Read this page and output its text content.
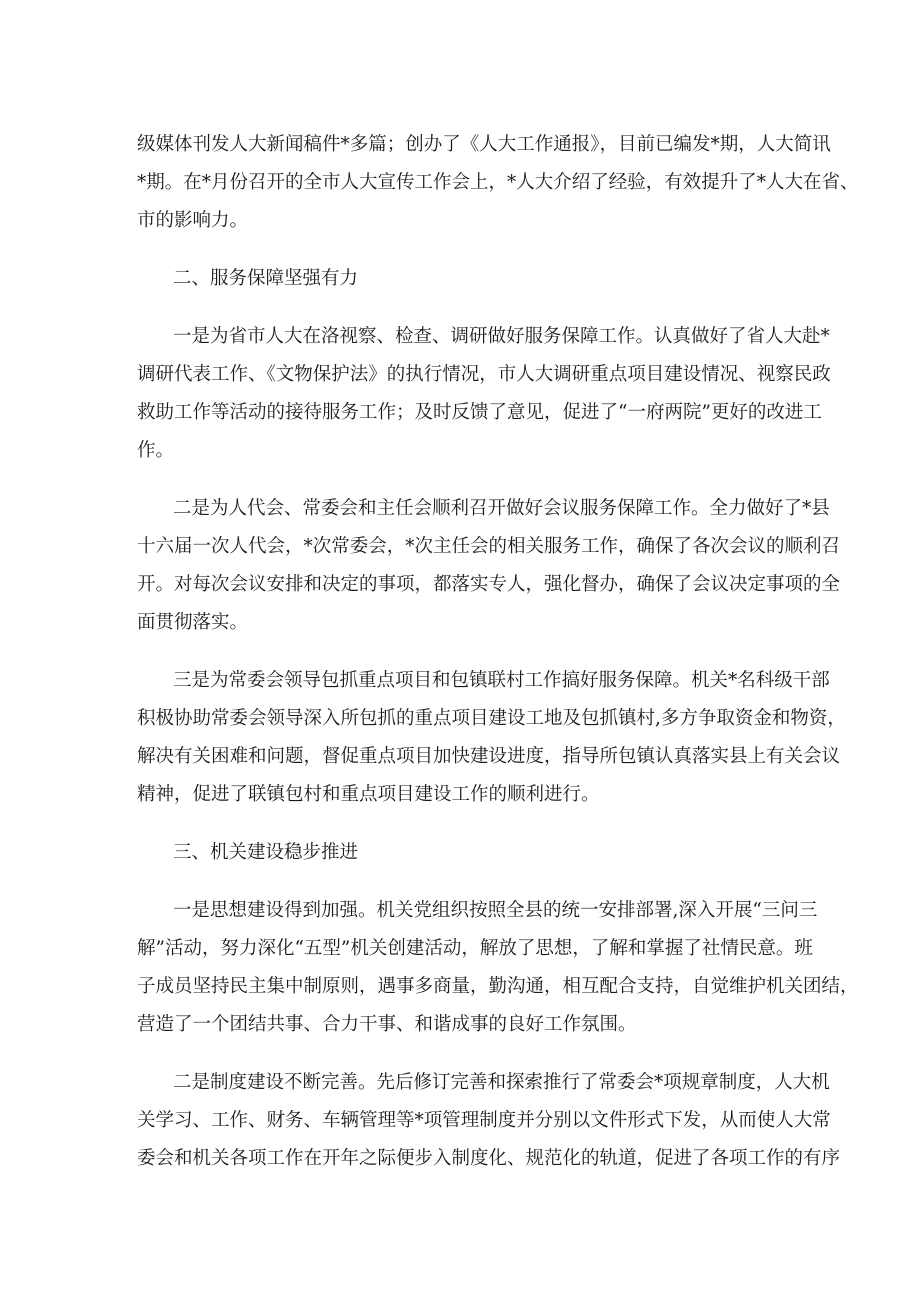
级媒体刊发人大新闻稿件*多篇；创办了《人大工作通报》，目前已编发*期，人大简讯
*期。在*月份召开的全市人大宣传工作会上，*人大介绍了经验，有效提升了*人大在省、
市的影响力。
二、服务保障坚强有力
一是为省市人大在洛视察、检查、调研做好服务保障工作。认真做好了省人大赴*
调研代表工作、《文物保护法》的执行情况，市人大调研重点项目建设情况、视察民政
救助工作等活动的接待服务工作；及时反馈了意见，促进了“一府两院”更好的改进工
作。
二是为人代会、常委会和主任会顺利召开做好会议服务保障工作。全力做好了*县
十六届一次人代会，*次常委会，*次主任会的相关服务工作，确保了各次会议的顺利召
开。对每次会议安排和决定的事项，都落实专人，强化督办，确保了会议决定事项的全
面贯彻落实。
三是为常委会领导包抓重点项目和包镇联村工作搞好服务保障。机关*名科级干部
积极协助常委会领导深入所包抓的重点项目建设工地及包抓镇村,多方争取资金和物资，
解决有关困难和问题，督促重点项目加快建设进度，指导所包镇认真落实县上有关会议
精神，促进了联镇包村和重点项目建设工作的顺利进行。
三、机关建设稳步推进
一是思想建设得到加强。机关党组织按照全县的统一安排部署,深入开展“三问三
解”活动，努力深化“五型”机关创建活动，解放了思想，了解和掌握了社情民意。班
子成员坚持民主集中制原则，遇事多商量，勤沟通，相互配合支持，自觉维护机关团结，
营造了一个团结共事、合力干事、和谐成事的良好工作氛围。
二是制度建设不断完善。先后修订完善和探索推行了常委会*项规章制度，人大机
关学习、工作、财务、车辆管理等*项管理制度并分别以文件形式下发，从而使人大常
委会和机关各项工作在开年之际便步入制度化、规范化的轨道，促进了各项工作的有序
